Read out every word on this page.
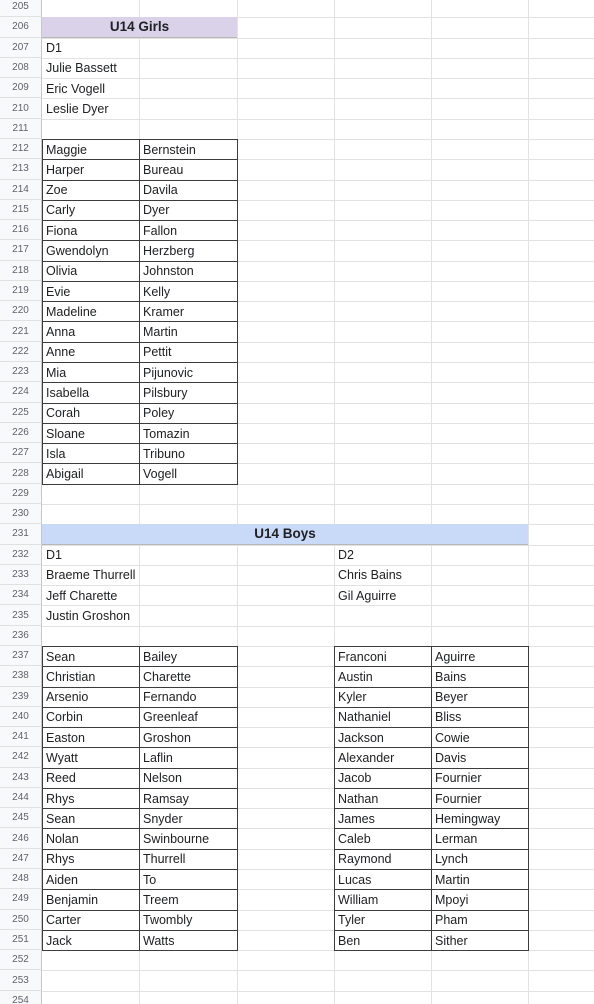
205
206
207
208
209
210
211
212
213
214
215
216
217
218
219
220
221
222
223
224
225
226
227
228
229
230
231
232
233
234
235
236
237
238
239
240
241
242
243
244
245
246
247
248
249
250
251
252
253
254
U14 Girls
D1
Julie Bassett
Eric Vogell
Leslie Dyer
Maggie	Bernstein
Harper	Bureau
Zoe	Davila
Carly	Dyer
Fiona	Fallon
Gwendolyn	Herzberg
Olivia	Johnston
Evie	Kelly
Madeline	Kramer
Anna	Martin
Anne	Pettit
Mia	Pijunovic
Isabella	Pilsbury
Corah	Poley
Sloane	Tomazin
Isla	Tribuno
Abigail	Vogell
U14 Boys
D1
Braeme Thurrell
Jeff Charette
Justin Groshon
D2
Chris Bains
Gil Aguirre
Sean	Bailey
Christian	Charette
Arsenio	Fernando
Corbin	Greenleaf
Easton	Groshon
Wyatt	Laflin
Reed	Nelson
Rhys	Ramsay
Sean	Snyder
Nolan	Swinbourne
Rhys	Thurrell
Aiden	To
Benjamin	Treem
Carter	Twombly
Jack	Watts
Franconi	Aguirre
Austin	Bains
Kyler	Beyer
Nathaniel	Bliss
Jackson	Cowie
Alexander	Davis
Jacob	Fournier
Nathan	Fournier
James	Hemingway
Caleb	Lerman
Raymond	Lynch
Lucas	Martin
William	Mpoyi
Tyler	Pham
Ben	Sither
